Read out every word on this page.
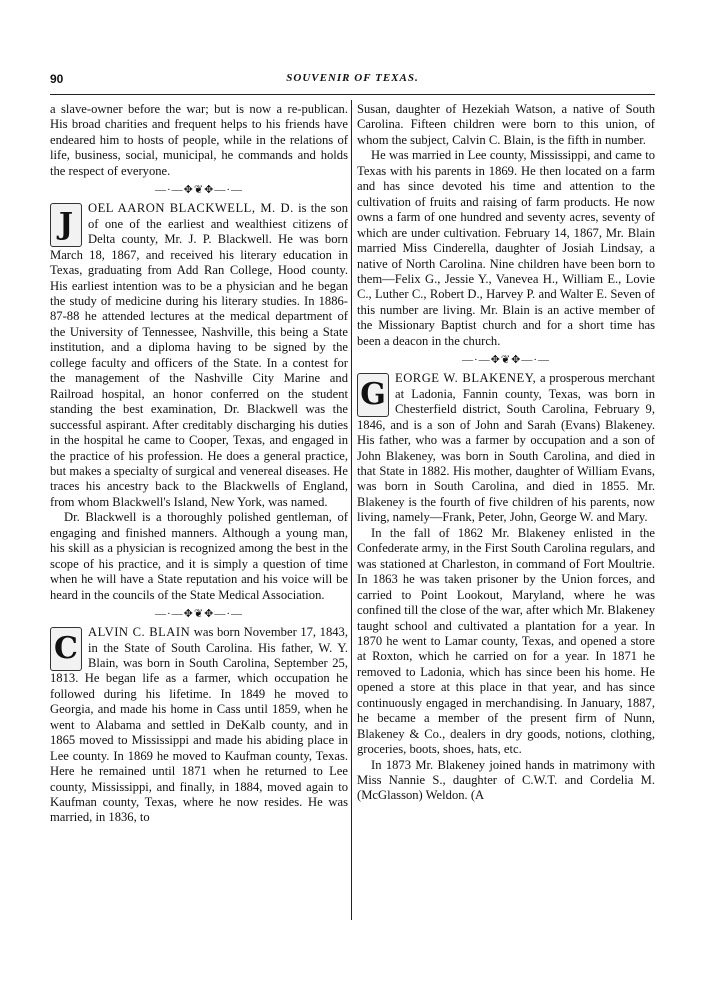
90	SOUVENIR OF TEXAS.

a slave-owner before the war; but is now a re-publican. His broad charities and frequent helps to his friends have endeared him to hosts of people, while in the relations of life, business, social, municipal, he commands and holds the respect of everyone.

—·—✥❦✥—·—

J	OEL AARON BLACKWELL, M. D. is the son of one of the earliest and wealthiest citizens of Delta county, Mr. J. P. Blackwell. He was born March 18, 1867, and received his literary education in Texas, graduating from Add Ran College, Hood county. His earliest intention was to be a physician and he began the study of medicine during his literary studies. In 1886-87-88 he attended lectures at the medical department of the University of Tennessee, Nashville, this being a State institution, and a diploma having to be signed by the college faculty and officers of the State. In a contest for the management of the Nashville City Marine and Railroad hospital, an honor conferred on the student standing the best examination, Dr. Blackwell was the successful aspirant. After creditably discharging his duties in the hospital he came to Cooper, Texas, and engaged in the practice of his profession. He does a general practice, but makes a specialty of surgical and venereal diseases. He traces his ancestry back to the Blackwells of England, from whom Blackwell's Island, New York, was named.

Dr. Blackwell is a thoroughly polished gentleman, of engaging and finished manners. Although a young man, his skill as a physician is recognized among the best in the scope of his practice, and it is simply a question of time when he will have a State reputation and his voice will be heard in the councils of the State Medical Association.

—·—✥❦✥—·—

C ALVIN C. BLAIN was born November 17, 1843, in the State of South Carolina. His father, W. Y. Blain, was born in South Carolina, September 25, 1813. He began life as a farmer, which occupation he followed during his lifetime. In 1849 he moved to Georgia, and made his home in Cass until 1859, when he went to Alabama and settled in DeKalb county, and in 1865 moved to Mississippi and made his abiding place in Lee county. In 1869 he moved to Kaufman county, Texas. Here he remained until 1871 when he returned to Lee county, Mississippi, and finally, in 1884, moved again to Kaufman county, Texas, where he now resides. He was married, in 1836, to

Susan, daughter of Hezekiah Watson, a native of South Carolina. Fifteen children were born to this union, of whom the subject, Calvin C. Blain, is the fifth in number.

He was married in Lee county, Mississippi, and came to Texas with his parents in 1869. He then located on a farm and has since devoted his time and attention to the cultivation of fruits and raising of farm products. He now owns a farm of one hundred and seventy acres, seventy of which are under cultivation. February 14, 1867, Mr. Blain married Miss Cinderella, daughter of Josiah Lindsay, a native of North Carolina. Nine children have been born to them—Felix G., Jessie Y., Vanevea H., William E., Lovie C., Luther C., Robert D., Harvey P. and Walter E. Seven of this number are living. Mr. Blain is an active member of the Missionary Baptist church and for a short time has been a deacon in the church.

—·—✥❦✥—·—

G EORGE W. BLAKENEY, a prosperous merchant at Ladonia, Fannin county, Texas, was born in Chesterfield district, South Carolina, February 9, 1846, and is a son of John and Sarah (Evans) Blakeney. His father, who was a farmer by occupation and a son of John Blakeney, was born in South Carolina, and died in that State in 1882. His mother, daughter of William Evans, was born in South Carolina, and died in 1855. Mr. Blakeney is the fourth of five children of his parents, now living, namely—Frank, Peter, John, George W. and Mary.

In the fall of 1862 Mr. Blakeney enlisted in the Confederate army, in the First South Carolina regulars, and was stationed at Charleston, in command of Fort Moultrie. In 1863 he was taken prisoner by the Union forces, and carried to Point Lookout, Maryland, where he was confined till the close of the war, after which Mr. Blakeney taught school and cultivated a plantation for a year. In 1870 he went to Lamar county, Texas, and opened a store at Roxton, which he carried on for a year. In 1871 he removed to Ladonia, which has since been his home. He opened a store at this place in that year, and has since continuously engaged in merchandising. In January, 1887, he became a member of the present firm of Nunn, Blakeney & Co., dealers in dry goods, notions, clothing, groceries, boots, shoes, hats, etc.

In 1873 Mr. Blakeney joined hands in matrimony with Miss Nannie S., daughter of C.W.T. and Cordelia M. (McGlasson) Weldon. (A
